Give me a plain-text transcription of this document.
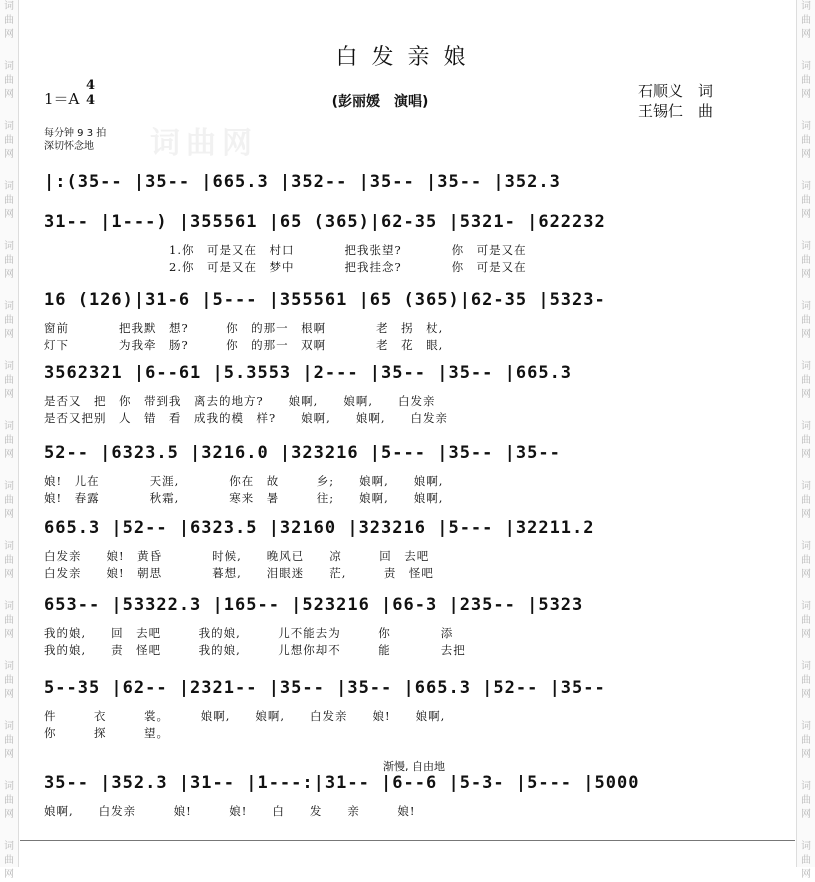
词
曲
网
词
曲
网
词
曲
网
词
曲
网
词
曲
网
词
曲
网
词
曲
网
词
曲
网
词
曲
网
词
曲
网
词
曲
网
词
曲
网
词
曲
网
词
曲
网
词
曲
网
词
曲
网
词
曲
网
词
曲
网
词
曲
网
词
曲
网
词
曲
网
词
曲
网
词
曲
网
词
曲
网
词
曲
网
词
曲
网
词
曲
网
词
曲
网
词
曲
网
词
曲
网
词曲网
白发亲娘
1＝A
4
4	(彭丽媛　演唱)
石顺义　词
王锡仁　曲
每分钟 9 3 拍
深切怀念地
|:(35-- |35-- |665.3 |352-- |35-- |35-- |352.3
31-- |1---) |355561 |65 (365)|62-35 |5321- |622232
　　　　　　　　　　1.你　可是又在　村口　　　　把我张望?　　　　你　可是又在
　　　　　　　　　　2.你　可是又在　梦中　　　　把我挂念?　　　　你　可是又在
16 (126)|31-6 |5--- |355561 |65 (365)|62-35 |5323-
窗前　　　　把我默　想?　　　你　的那一　根啊　　　　老　拐　杖,
灯下　　　　为我牵　肠?　　　你　的那一　双啊　　　　老　花　眼,
3562321 |6--61 |5.3553 |2--- |35-- |35-- |665.3
是否又　把　你　带到我　离去的地方?　　娘啊,　　娘啊,　　白发亲
是否又把别　人　错　看　成我的模　样?　　娘啊,　　娘啊,　　白发亲
52-- |6323.5 |3216.0 |323216 |5--- |35-- |35--
娘!　儿在　　　　天涯,　　　　你在　故　　　乡;　　娘啊,　　娘啊,
娘!　春露　　　　秋霜,　　　　寒来　暑　　　往;　　娘啊,　　娘啊,
665.3 |52-- |6323.5 |32160 |323216 |5--- |32211.2
白发亲　　娘!　黄昏　　　　时候,　　晚风已　　凉　　　回　去吧
白发亲　　娘!　朝思　　　　暮想,　　泪眼迷　　茫,　　　责　怪吧
653-- |53322.3 |165-- |523216 |66-3 |235-- |5323
我的娘,　　回　去吧　　　我的娘,　　　儿不能去为　　　你　　　　添
我的娘,　　责　怪吧　　　我的娘,　　　儿想你却不　　　能　　　　去把
5--35 |62-- |2321-- |35-- |35-- |665.3 |52-- |35--
件　　　衣　　　裳。　　　娘啊,　　娘啊,　　白发亲　　娘!　　娘啊,
你　　　探　　　望。
35-- |352.3 |31-- |1---:|31-- |6--6 |5-3- |5--- |5000
娘啊,　　白发亲　　　娘!　　　娘!　　白　　发　　亲　　　娘!
渐慢, 自由地
